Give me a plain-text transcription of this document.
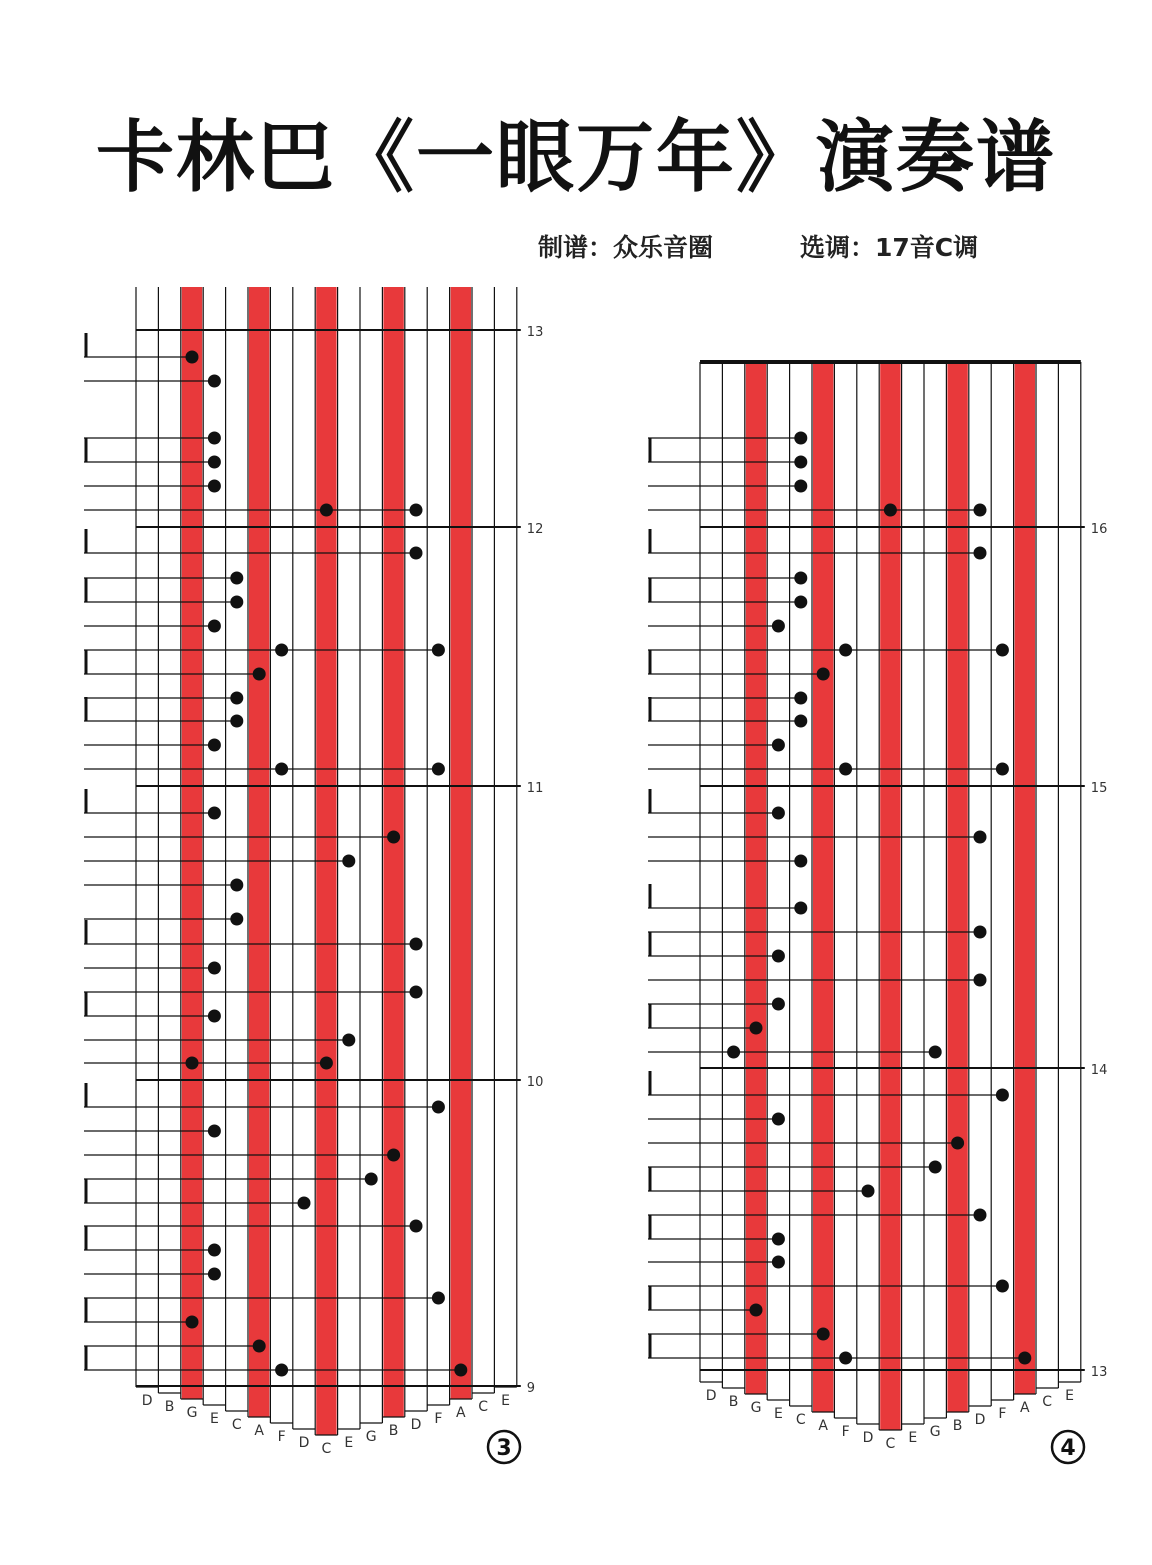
卡林巴《一眼万年》演奏谱
制谱：众乐音圈	选调：17音C调
13
12
11
10
9
D B G E C A F D C E G B D F A C E
3
16
15
14
13
D B G E C A F D C E G B D F A C E
4
